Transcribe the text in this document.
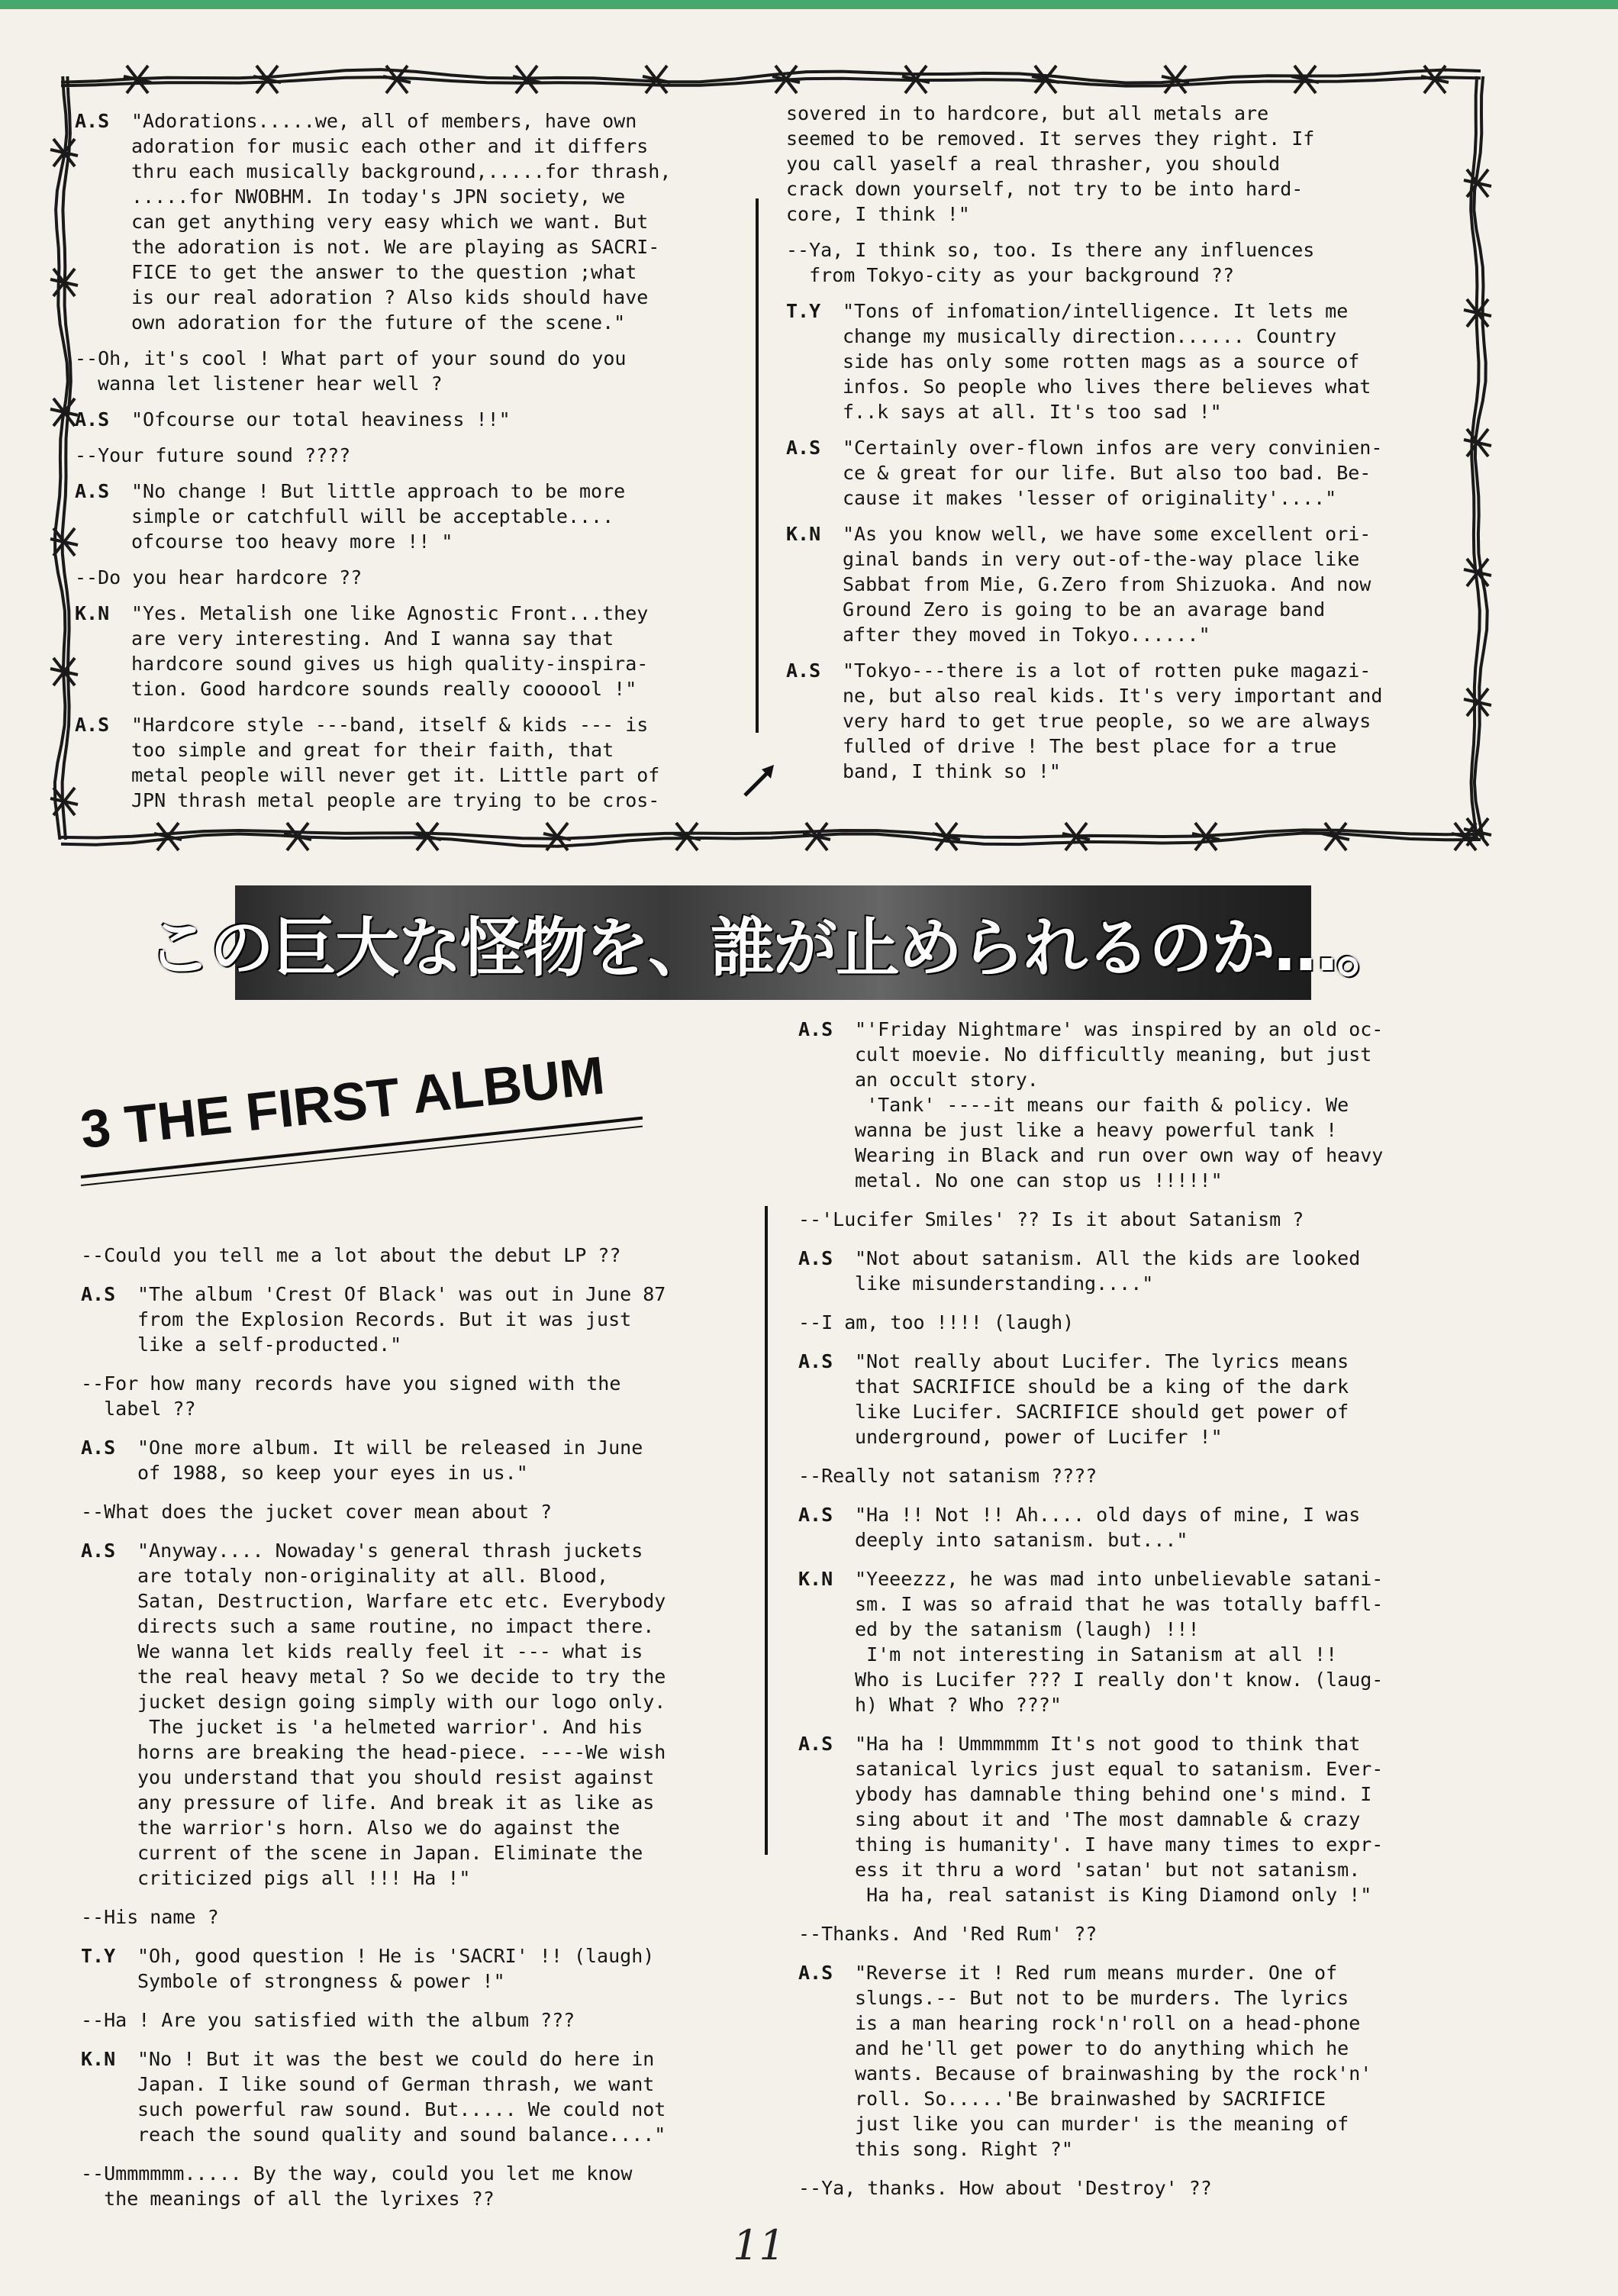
A.S	"Adorations.....we, all of members, have own
adoration for music each other and it differs
thru each musically background,.....for thrash,
.....for NWOBHM. In today's JPN society, we
can get anything very easy which we want. But
the adoration is not. We are playing as SACRI-
FICE to get the answer to the question ;what
is our real adoration ? Also kids should have
own adoration for the future of the scene."
--Oh, it's cool ! What part of your sound do you
wanna let listener hear well ?
A.S	"Ofcourse our total heaviness !!"
--Your future sound ????
A.S	"No change ! But little approach to be more
simple or catchfull will be acceptable....
ofcourse too heavy more !! "
--Do you hear hardcore ??
K.N	"Yes. Metalish one like Agnostic Front...they
are very interesting. And I wanna say that
hardcore sound gives us high quality-inspira-
tion. Good hardcore sounds really coooool !"
A.S	"Hardcore style ---band, itself & kids --- is
too simple and great for their faith, that
metal people will never get it. Little part of
JPN thrash metal people are trying to be cros-
sovered in to hardcore, but all metals are
seemed to be removed. It serves they right. If
you call yaself a real thrasher, you should
crack down yourself, not try to be into hard-
core, I think !"
--Ya, I think so, too. Is there any influences
from Tokyo-city as your background ??
T.Y	"Tons of infomation/intelligence. It lets me
change my musically direction...... Country
side has only some rotten mags as a source of
infos. So people who lives there believes what
f..k says at all. It's too sad !"
A.S	"Certainly over-flown infos are very convinien-
ce & great for our life. But also too bad. Be-
cause it makes 'lesser of originality'...."
K.N	"As you know well, we have some excellent ori-
ginal bands in very out-of-the-way place like
Sabbat from Mie, G.Zero from Shizuoka. And now
Ground Zero is going to be an avarage band
after they moved in Tokyo......"
A.S	"Tokyo---there is a lot of rotten puke magazi-
ne, but also real kids. It's very important and
very hard to get true people, so we are always
fulled of drive ! The best place for a true
band, I think so !"
この巨大な怪物を、誰が止められるのか…。
3 THE FIRST ALBUM
--Could you tell me a lot about the debut LP ??
A.S	"The album 'Crest Of Black' was out in June 87
from the Explosion Records. But it was just
like a self-producted."
--For how many records have you signed with the
label ??
A.S	"One more album. It will be released in June
of 1988, so keep your eyes in us."
--What does the jucket cover mean about ?
A.S	"Anyway.... Nowaday's general thrash juckets
are totaly non-originality at all. Blood,
Satan, Destruction, Warfare etc etc. Everybody
directs such a same routine, no impact there.
We wanna let kids really feel it --- what is
the real heavy metal ? So we decide to try the
jucket design going simply with our logo only.
The jucket is 'a helmeted warrior'. And his
horns are breaking the head-piece. ----We wish
you understand that you should resist against
any pressure of life. And break it as like as
the warrior's horn. Also we do against the
current of the scene in Japan. Eliminate the
criticized pigs all !!! Ha !"
--His name ?
T.Y	"Oh, good question ! He is 'SACRI' !! (laugh)
Symbole of strongness & power !"
--Ha ! Are you satisfied with the album ???
K.N	"No ! But it was the best we could do here in
Japan. I like sound of German thrash, we want
such powerful raw sound. But..... We could not
reach the sound quality and sound balance...."
--Ummmmmm..... By the way, could you let me know
the meanings of all the lyrixes ??
A.S	"'Friday Nightmare' was inspired by an old oc-
cult moevie. No difficultly meaning, but just
an occult story.
'Tank' ----it means our faith & policy. We
wanna be just like a heavy powerful tank !
Wearing in Black and run over own way of heavy
metal. No one can stop us !!!!!"
--'Lucifer Smiles' ?? Is it about Satanism ?
A.S	"Not about satanism. All the kids are looked
like misunderstanding...."
--I am, too !!!! (laugh)
A.S	"Not really about Lucifer. The lyrics means
that SACRIFICE should be a king of the dark
like Lucifer. SACRIFICE should get power of
underground, power of Lucifer !"
--Really not satanism ????
A.S	"Ha !! Not !! Ah.... old days of mine, I was
deeply into satanism. but..."
K.N	"Yeeezzz, he was mad into unbelievable satani-
sm. I was so afraid that he was totally baffl-
ed by the satanism (laugh) !!!
I'm not interesting in Satanism at all !!
Who is Lucifer ??? I really don't know. (laug-
h) What ? Who ???"
A.S	"Ha ha ! Ummmmmm It's not good to think that
satanical lyrics just equal to satanism. Ever-
ybody has damnable thing behind one's mind. I
sing about it and 'The most damnable & crazy
thing is humanity'. I have many times to expr-
ess it thru a word 'satan' but not satanism.
Ha ha, real satanist is King Diamond only !"
--Thanks. And 'Red Rum' ??
A.S	"Reverse it ! Red rum means murder. One of
slungs.-- But not to be murders. The lyrics
is a man hearing rock'n'roll on a head-phone
and he'll get power to do anything which he
wants. Because of brainwashing by the rock'n'
roll. So.....'Be brainwashed by SACRIFICE
just like you can murder' is the meaning of
this song. Right ?"
--Ya, thanks. How about 'Destroy' ??
11
